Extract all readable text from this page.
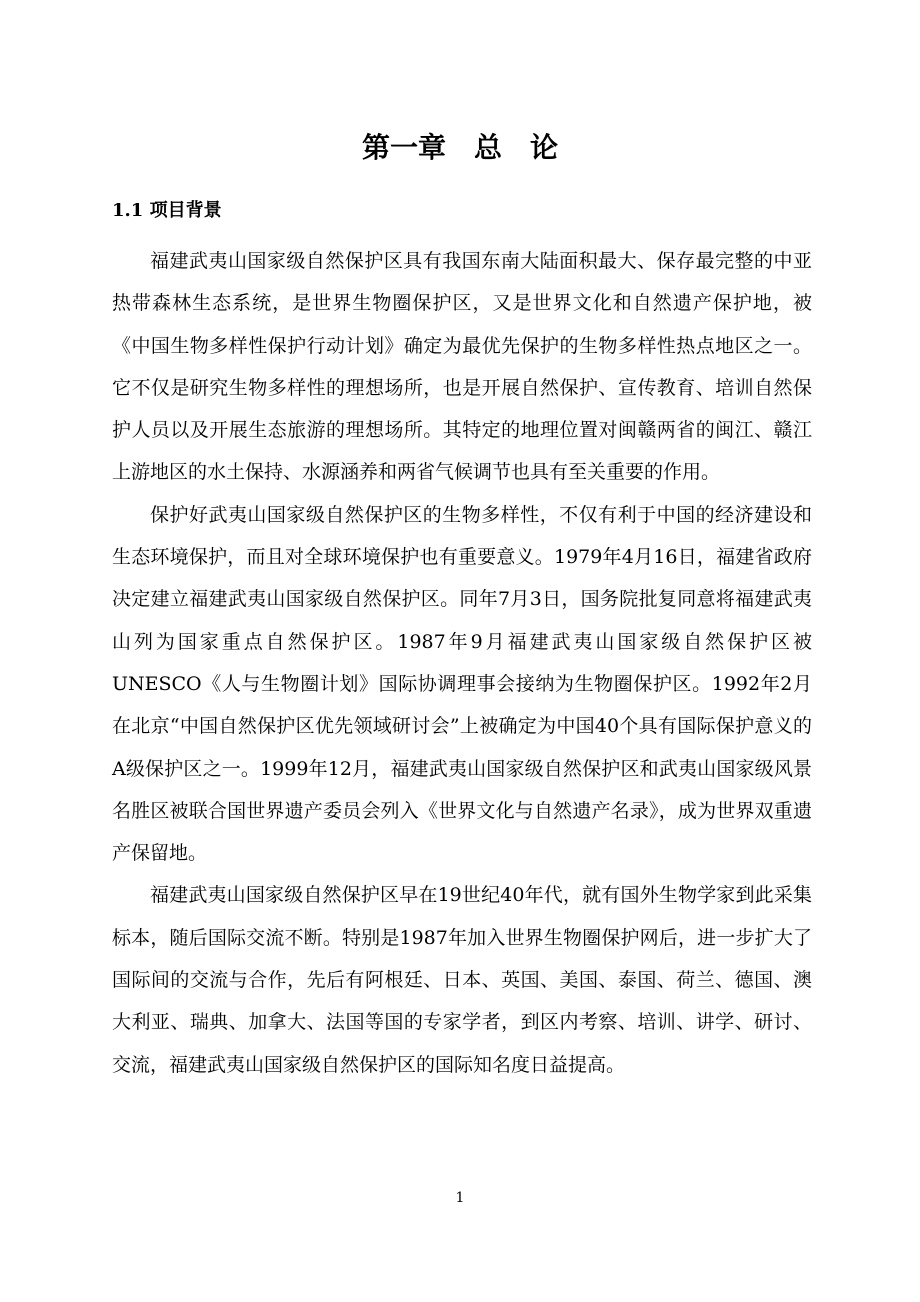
第一章　总　论
1.1 项目背景

福建武夷山国家级自然保护区具有我国东南大陆面积最大、保存最完整的中亚热带森林生态系统，是世界生物圈保护区，又是世界文化和自然遗产保护地，被《中国生物多样性保护行动计划》确定为最优先保护的生物多样性热点地区之一。它不仅是研究生物多样性的理想场所，也是开展自然保护、宣传教育、培训自然保护人员以及开展生态旅游的理想场所。其特定的地理位置对闽赣两省的闽江、赣江上游地区的水土保持、水源涵养和两省气候调节也具有至关重要的作用。

保护好武夷山国家级自然保护区的生物多样性，不仅有利于中国的经济建设和生态环境保护，而且对全球环境保护也有重要意义。1979年4月16日，福建省政府决定建立福建武夷山国家级自然保护区。同年7月3日，国务院批复同意将福建武夷山列为国家重点自然保护区。1987年9月福建武夷山国家级自然保护区被UNESCO《人与生物圈计划》国际协调理事会接纳为生物圈保护区。1992年2月在北京“中国自然保护区优先领域研讨会”上被确定为中国40个具有国际保护意义的A级保护区之一。1999年12月，福建武夷山国家级自然保护区和武夷山国家级风景名胜区被联合国世界遗产委员会列入《世界文化与自然遗产名录》，成为世界双重遗产保留地。

福建武夷山国家级自然保护区早在19世纪40年代，就有国外生物学家到此采集标本，随后国际交流不断。特别是1987年加入世界生物圈保护网后，进一步扩大了国际间的交流与合作，先后有阿根廷、日本、英国、美国、泰国、荷兰、德国、澳大利亚、瑞典、加拿大、法国等国的专家学者，到区内考察、培训、讲学、研讨、交流，福建武夷山国家级自然保护区的国际知名度日益提高。

1
